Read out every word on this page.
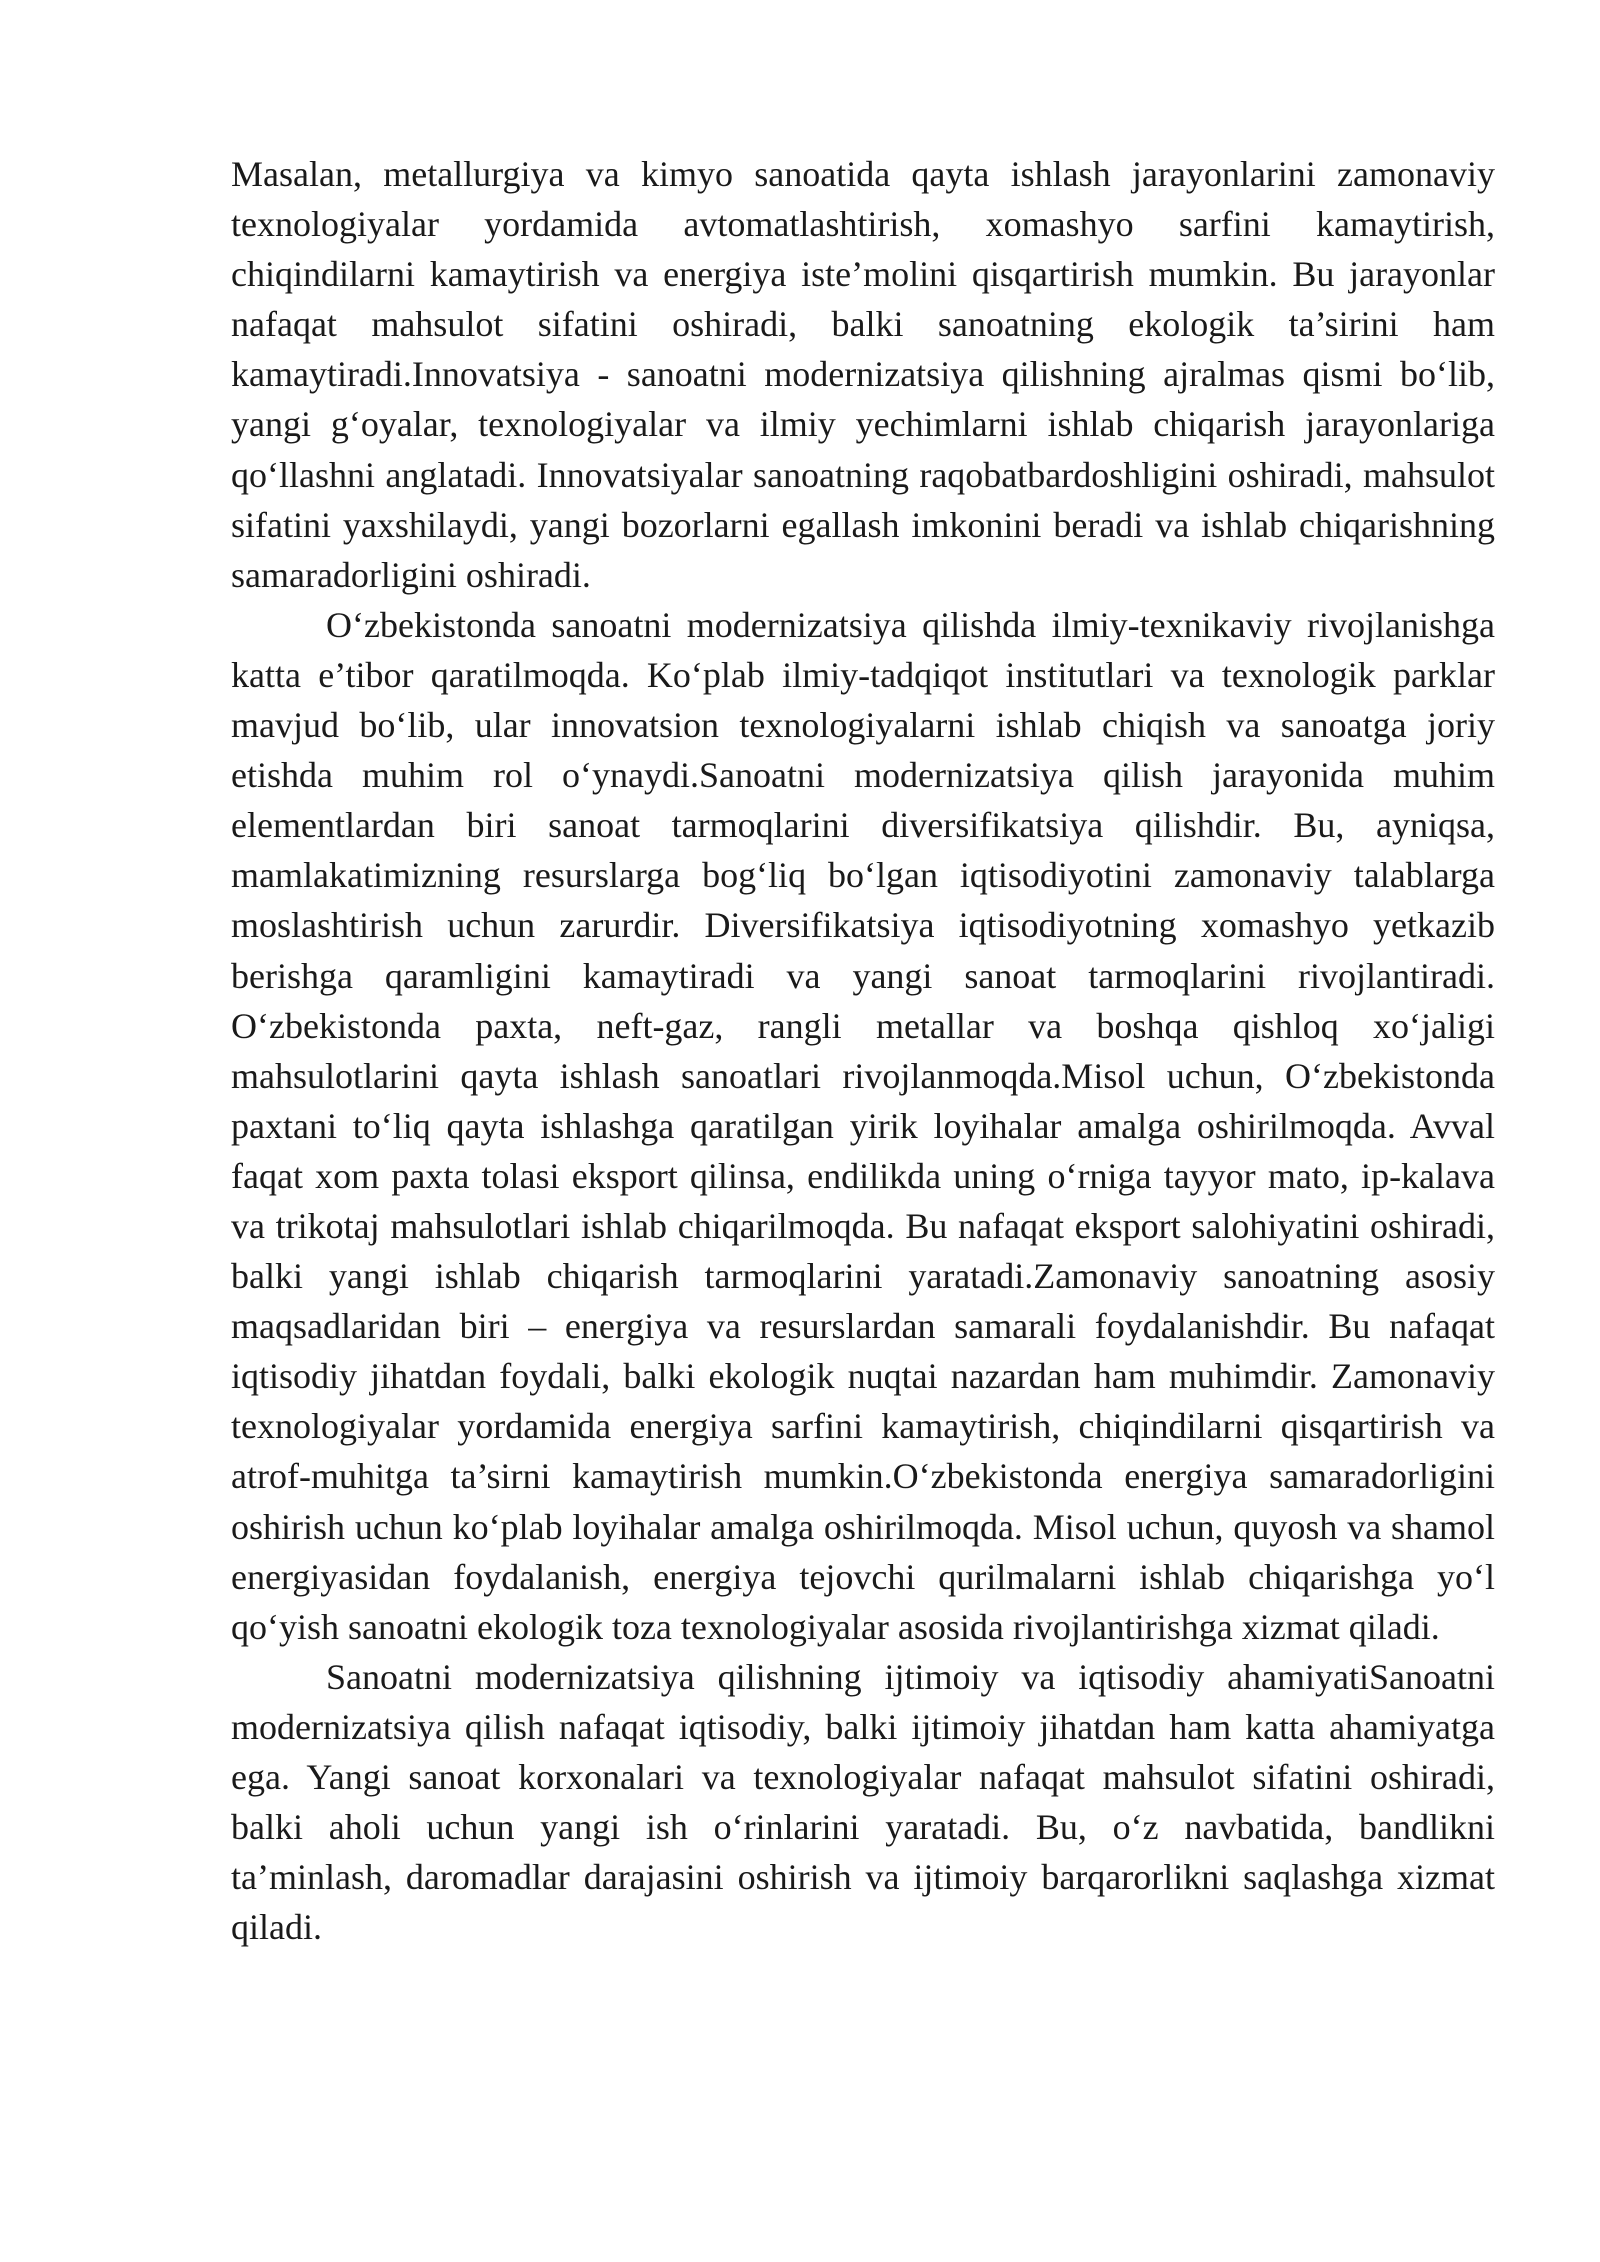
Masalan, metallurgiya va kimyo sanoatida qayta ishlash jarayonlarini zamonaviy texnologiyalar yordamida avtomatlashtirish, xomashyo sarfini kamaytirish, chiqindilarni kamaytirish va energiya iste’molini qisqartirish mumkin. Bu jarayonlar nafaqat mahsulot sifatini oshiradi, balki sanoatning ekologik ta’sirini ham kamaytiradi.Innovatsiya - sanoatni modernizatsiya qilishning ajralmas qismi bo‘lib, yangi g‘oyalar, texnologiyalar va ilmiy yechimlarni ishlab chiqarish jarayonlariga qo‘llashni anglatadi. Innovatsiyalar sanoatning raqobatbardoshligini oshiradi, mahsulot sifatini yaxshilaydi, yangi bozorlarni egallash imkonini beradi va ishlab chiqarishning samaradorligini oshiradi.

O‘zbekistonda sanoatni modernizatsiya qilishda ilmiy-texnikaviy rivojlanishga katta e’tibor qaratilmoqda. Ko‘plab ilmiy-tadqiqot institutlari va texnologik parklar mavjud bo‘lib, ular innovatsion texnologiyalarni ishlab chiqish va sanoatga joriy etishda muhim rol o‘ynaydi.Sanoatni modernizatsiya qilish jarayonida muhim elementlardan biri sanoat tarmoqlarini diversifikatsiya qilishdir. Bu, ayniqsa, mamlakatimizning resurslarga bog‘liq bo‘lgan iqtisodiyotini zamonaviy talablarga moslashtirish uchun zarurdir. Diversifikatsiya iqtisodiyotning xomashyo yetkazib berishga qaramligini kamaytiradi va yangi sanoat tarmoqlarini rivojlantiradi. O‘zbekistonda paxta, neft-gaz, rangli metallar va boshqa qishloq xo‘jaligi mahsulotlarini qayta ishlash sanoatlari rivojlanmoqda.Misol uchun, O‘zbekistonda paxtani to‘liq qayta ishlashga qaratilgan yirik loyihalar amalga oshirilmoqda. Avval faqat xom paxta tolasi eksport qilinsa, endilikda uning o‘rniga tayyor mato, ip-kalava va trikotaj mahsulotlari ishlab chiqarilmoqda. Bu nafaqat eksport salohiyatini oshiradi, balki yangi ishlab chiqarish tarmoqlarini yaratadi.Zamonaviy sanoatning asosiy maqsadlaridan biri – energiya va resurslardan samarali foydalanishdir. Bu nafaqat iqtisodiy jihatdan foydali, balki ekologik nuqtai nazardan ham muhimdir. Zamonaviy texnologiyalar yordamida energiya sarfini kamaytirish, chiqindilarni qisqartirish va atrof-muhitga ta’sirni kamaytirish mumkin.O‘zbekistonda energiya samaradorligini oshirish uchun ko‘plab loyihalar amalga oshirilmoqda. Misol uchun, quyosh va shamol energiyasidan foydalanish, energiya tejovchi qurilmalarni ishlab chiqarishga yo‘l qo‘yish sanoatni ekologik toza texnologiyalar asosida rivojlantirishga xizmat qiladi.

Sanoatni modernizatsiya qilishning ijtimoiy va iqtisodiy ahamiyatiSanoatni modernizatsiya qilish nafaqat iqtisodiy, balki ijtimoiy jihatdan ham katta ahamiyatga ega. Yangi sanoat korxonalari va texnologiyalar nafaqat mahsulot sifatini oshiradi, balki aholi uchun yangi ish o‘rinlarini yaratadi. Bu, o‘z navbatida, bandlikni ta’minlash, daromadlar darajasini oshirish va ijtimoiy barqarorlikni saqlashga xizmat qiladi.
